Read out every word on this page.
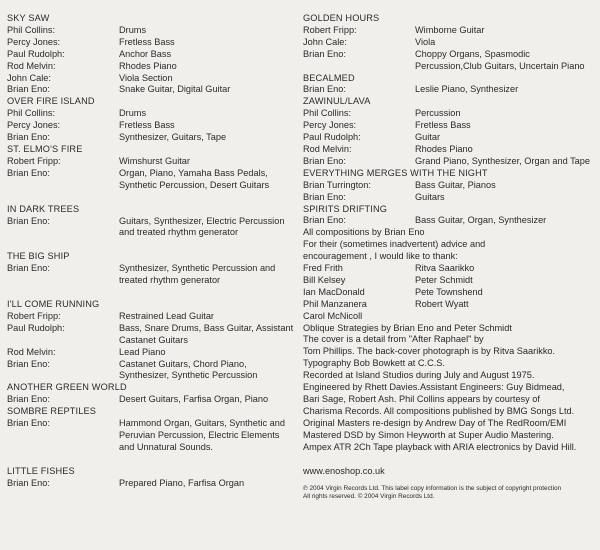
SKY SAW
Phil Collins:	Drums
Percy Jones:	Fretless Bass
Paul Rudolph:	Anchor Bass
Rod Melvin:	Rhodes Piano
John Cale:	Viola Section
Brian Eno:	Snake Guitar, Digital Guitar
OVER FIRE ISLAND
Phil Collins:	Drums
Percy Jones:	Fretless Bass
Brian Eno:	Synthesizer, Guitars, Tape
ST. ELMO'S FIRE
Robert Fripp:	Wimshurst Guitar
Brian Eno:	Organ, Piano, Yamaha Bass Pedals, Synthetic Percussion, Desert Guitars
IN DARK TREES
Brian Eno:	Guitars, Synthesizer, Electric Percussion and treated rhythm generator
THE BIG SHIP
Brian Eno:	Synthesizer, Synthetic Percussion and treated rhythm generator
I'LL COME RUNNING
Robert Fripp:	Restrained Lead Guitar
Paul Rudolph:	Bass, Snare Drums, Bass Guitar, Assistant Castanet Guitars
Rod Melvin:	Lead Piano
Brian Eno:	Castanet Guitars, Chord Piano, Synthesizer, Synthetic Percussion
ANOTHER GREEN WORLD
Brian Eno:	Desert Guitars, Farfisa Organ, Piano
SOMBRE REPTILES
Brian Eno:	Hammond Organ, Guitars, Synthetic and Peruvian Percussion, Electric Elements and Unnatural Sounds.
LITTLE FISHES
Brian Eno:	Prepared Piano, Farfisa Organ
GOLDEN HOURS
Robert Fripp:	Wimborne Guitar
John Cale:	Viola
Brian Eno:	Choppy Organs, Spasmodic Percussion,Club Guitars, Uncertain Piano
BECALMED
Brian Eno:	Leslie Piano, Synthesizer
ZAWINUL/LAVA
Phil Collins:	Percussion
Percy Jones:	Fretless Bass
Paul Rudolph:	Guitar
Rod Melvin:	Rhodes Piano
Brian Eno:	Grand Piano, Synthesizer, Organ and Tape
EVERYTHING MERGES WITH THE NIGHT
Brian Turrington:	Bass Guitar, Pianos
Brian Eno:	Guitars
SPIRITS DRIFTING
Brian Eno:	Bass Guitar, Organ, Synthesizer
All compositions by Brian Eno
For their (sometimes inadvertent) advice and
encouragement , I would like to thank:
Fred Frith	Ritva Saarikko
Bill Kelsey	Peter Schmidt
Ian MacDonald	Pete Townshend
Phil Manzanera	Robert Wyatt
Carol McNicoll
Oblique Strategies by Brian Eno and Peter Schmidt
The cover is a detail from "After Raphael" by
Tom Phillips. The back-cover photograph is by Ritva Saarikko.
Typography Bob Bowkett at C.C.S.
Recorded at Island Studios during July and August 1975.
Engineered by Rhett Davies.Assistant Engineers: Guy Bidmead,
Bari Sage, Robert Ash. Phil Collins appears by courtesy of
Charisma Records. All compositions published by BMG Songs Ltd.
Original Masters re-design by Andrew Day of The RedRoom/EMI
Mastered DSD by Simon Heyworth at Super Audio Mastering.
Ampex ATR 2Ch Tape playback with ARIA electronics by David Hill.
www.enoshop.co.uk
℗ 2004 Virgin Records Ltd. This label copy information is the subject of copyright protection
All rights reserved. © 2004 Virgin Records Ltd.
